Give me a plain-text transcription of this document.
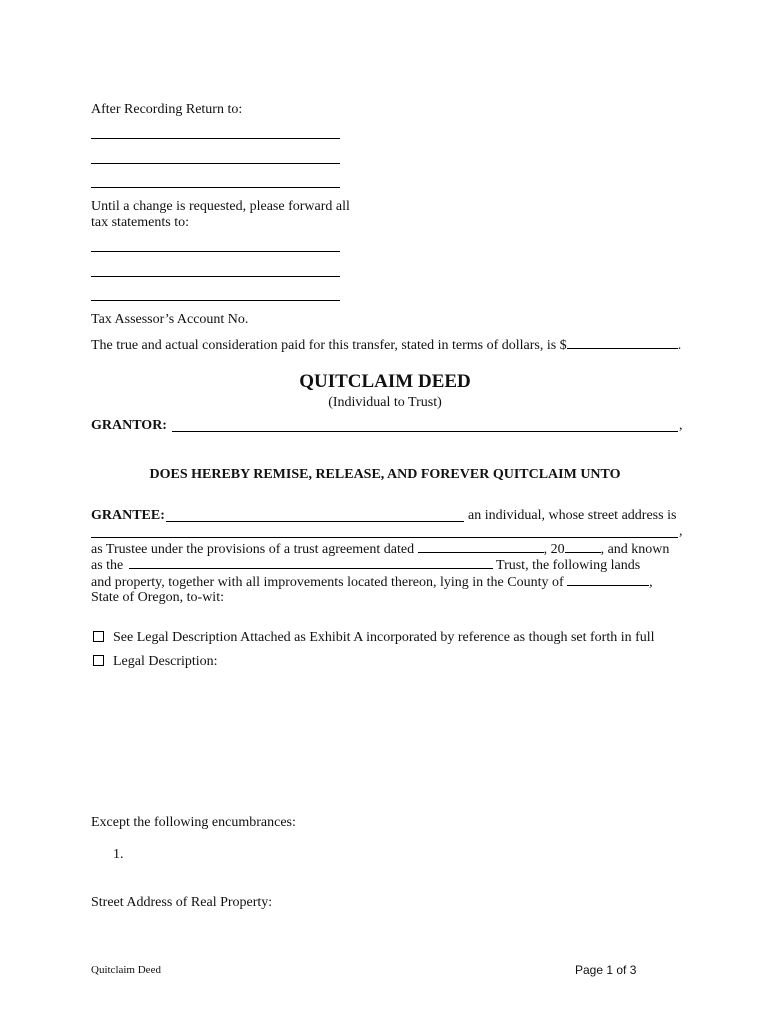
After Recording Return to:
Until a change is requested, please forward all
tax statements to:
Tax Assessor’s Account No.
The true and actual consideration paid for this transfer, stated in terms of dollars, is $	.
QUITCLAIM DEED
(Individual to Trust)
GRANTOR:	,
DOES HEREBY REMISE, RELEASE, AND FOREVER QUITCLAIM UNTO
GRANTEE:	an individual, whose street address is
,
as Trustee under the provisions of a trust agreement dated	, 20	, and known
as the	Trust, the following lands
and property, together with all improvements located thereon, lying in the County of	,
State of Oregon, to-wit:
See Legal Description Attached as Exhibit A incorporated by reference as though set forth in full
Legal Description:
Except the following encumbrances:
1.
Street Address of Real Property:
Quitclaim Deed	Page 1 of 3
